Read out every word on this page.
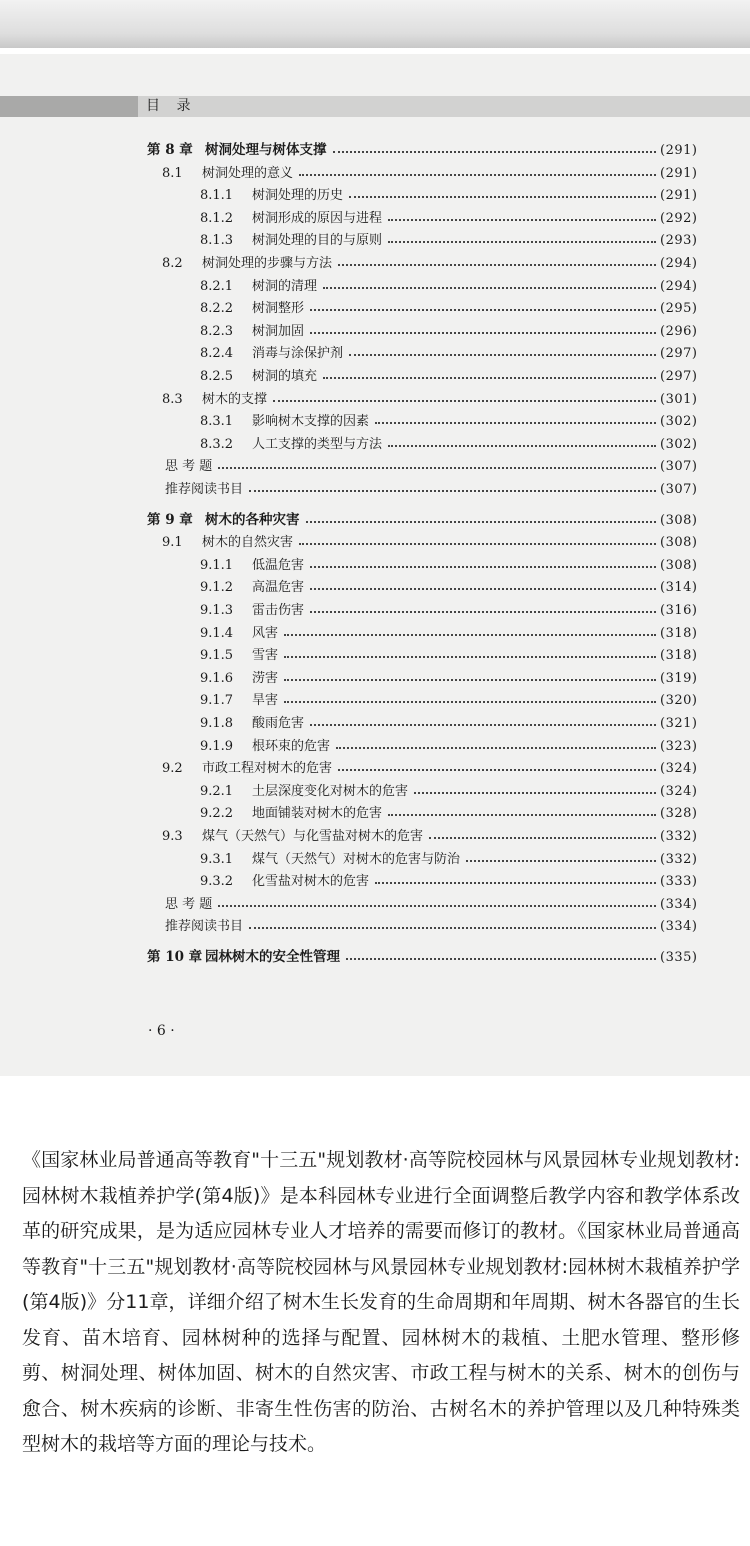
目 录
第 8 章 树洞处理与树体支撑	(291)
8.1 树洞处理的意义	(291)
8.1.1 树洞处理的历史	(291)
8.1.2 树洞形成的原因与进程	(292)
8.1.3 树洞处理的目的与原则	(293)
8.2 树洞处理的步骤与方法	(294)
8.2.1 树洞的清理	(294)
8.2.2 树洞整形	(295)
8.2.3 树洞加固	(296)
8.2.4 消毒与涂保护剂	(297)
8.2.5 树洞的填充	(297)
8.3 树木的支撑	(301)
8.3.1 影响树木支撑的因素	(302)
8.3.2 人工支撑的类型与方法	(302)
思 考 题	(307)
推荐阅读书目	(307)
第 9 章 树木的各种灾害	(308)
9.1 树木的自然灾害	(308)
9.1.1 低温危害	(308)
9.1.2 高温危害	(314)
9.1.3 雷击伤害	(316)
9.1.4 风害	(318)
9.1.5 雪害	(318)
9.1.6 涝害	(319)
9.1.7 旱害	(320)
9.1.8 酸雨危害	(321)
9.1.9 根环束的危害	(323)
9.2 市政工程对树木的危害	(324)
9.2.1 土层深度变化对树木的危害	(324)
9.2.2 地面铺装对树木的危害	(328)
9.3 煤气（天然气）与化雪盐对树木的危害	(332)
9.3.1 煤气（天然气）对树木的危害与防治	(332)
9.3.2 化雪盐对树木的危害	(333)
思 考 题	(334)
推荐阅读书目	(334)
第 10 章 园林树木的安全性管理	(335)
· 6 ·
《国家林业局普通高等教育"十三五"规划教材·高等院校园林与风景园林专业规划教材:园林树木栽植养护学(第4版)》是本科园林专业进行全面调整后教学内容和教学体系改革的研究成果，是为适应园林专业人才培养的需要而修订的教材。《国家林业局普通高等教育"十三五"规划教材·高等院校园林与风景园林专业规划教材:园林树木栽植养护学(第4版)》分11章，详细介绍了树木生长发育的生命周期和年周期、树木各器官的生长发育、苗木培育、园林树种的选择与配置、园林树木的栽植、土肥水管理、整形修剪、树洞处理、树体加固、树木的自然灾害、市政工程与树木的关系、树木的创伤与愈合、树木疾病的诊断、非寄生性伤害的防治、古树名木的养护管理以及几种特殊类型树木的栽培等方面的理论与技术。
